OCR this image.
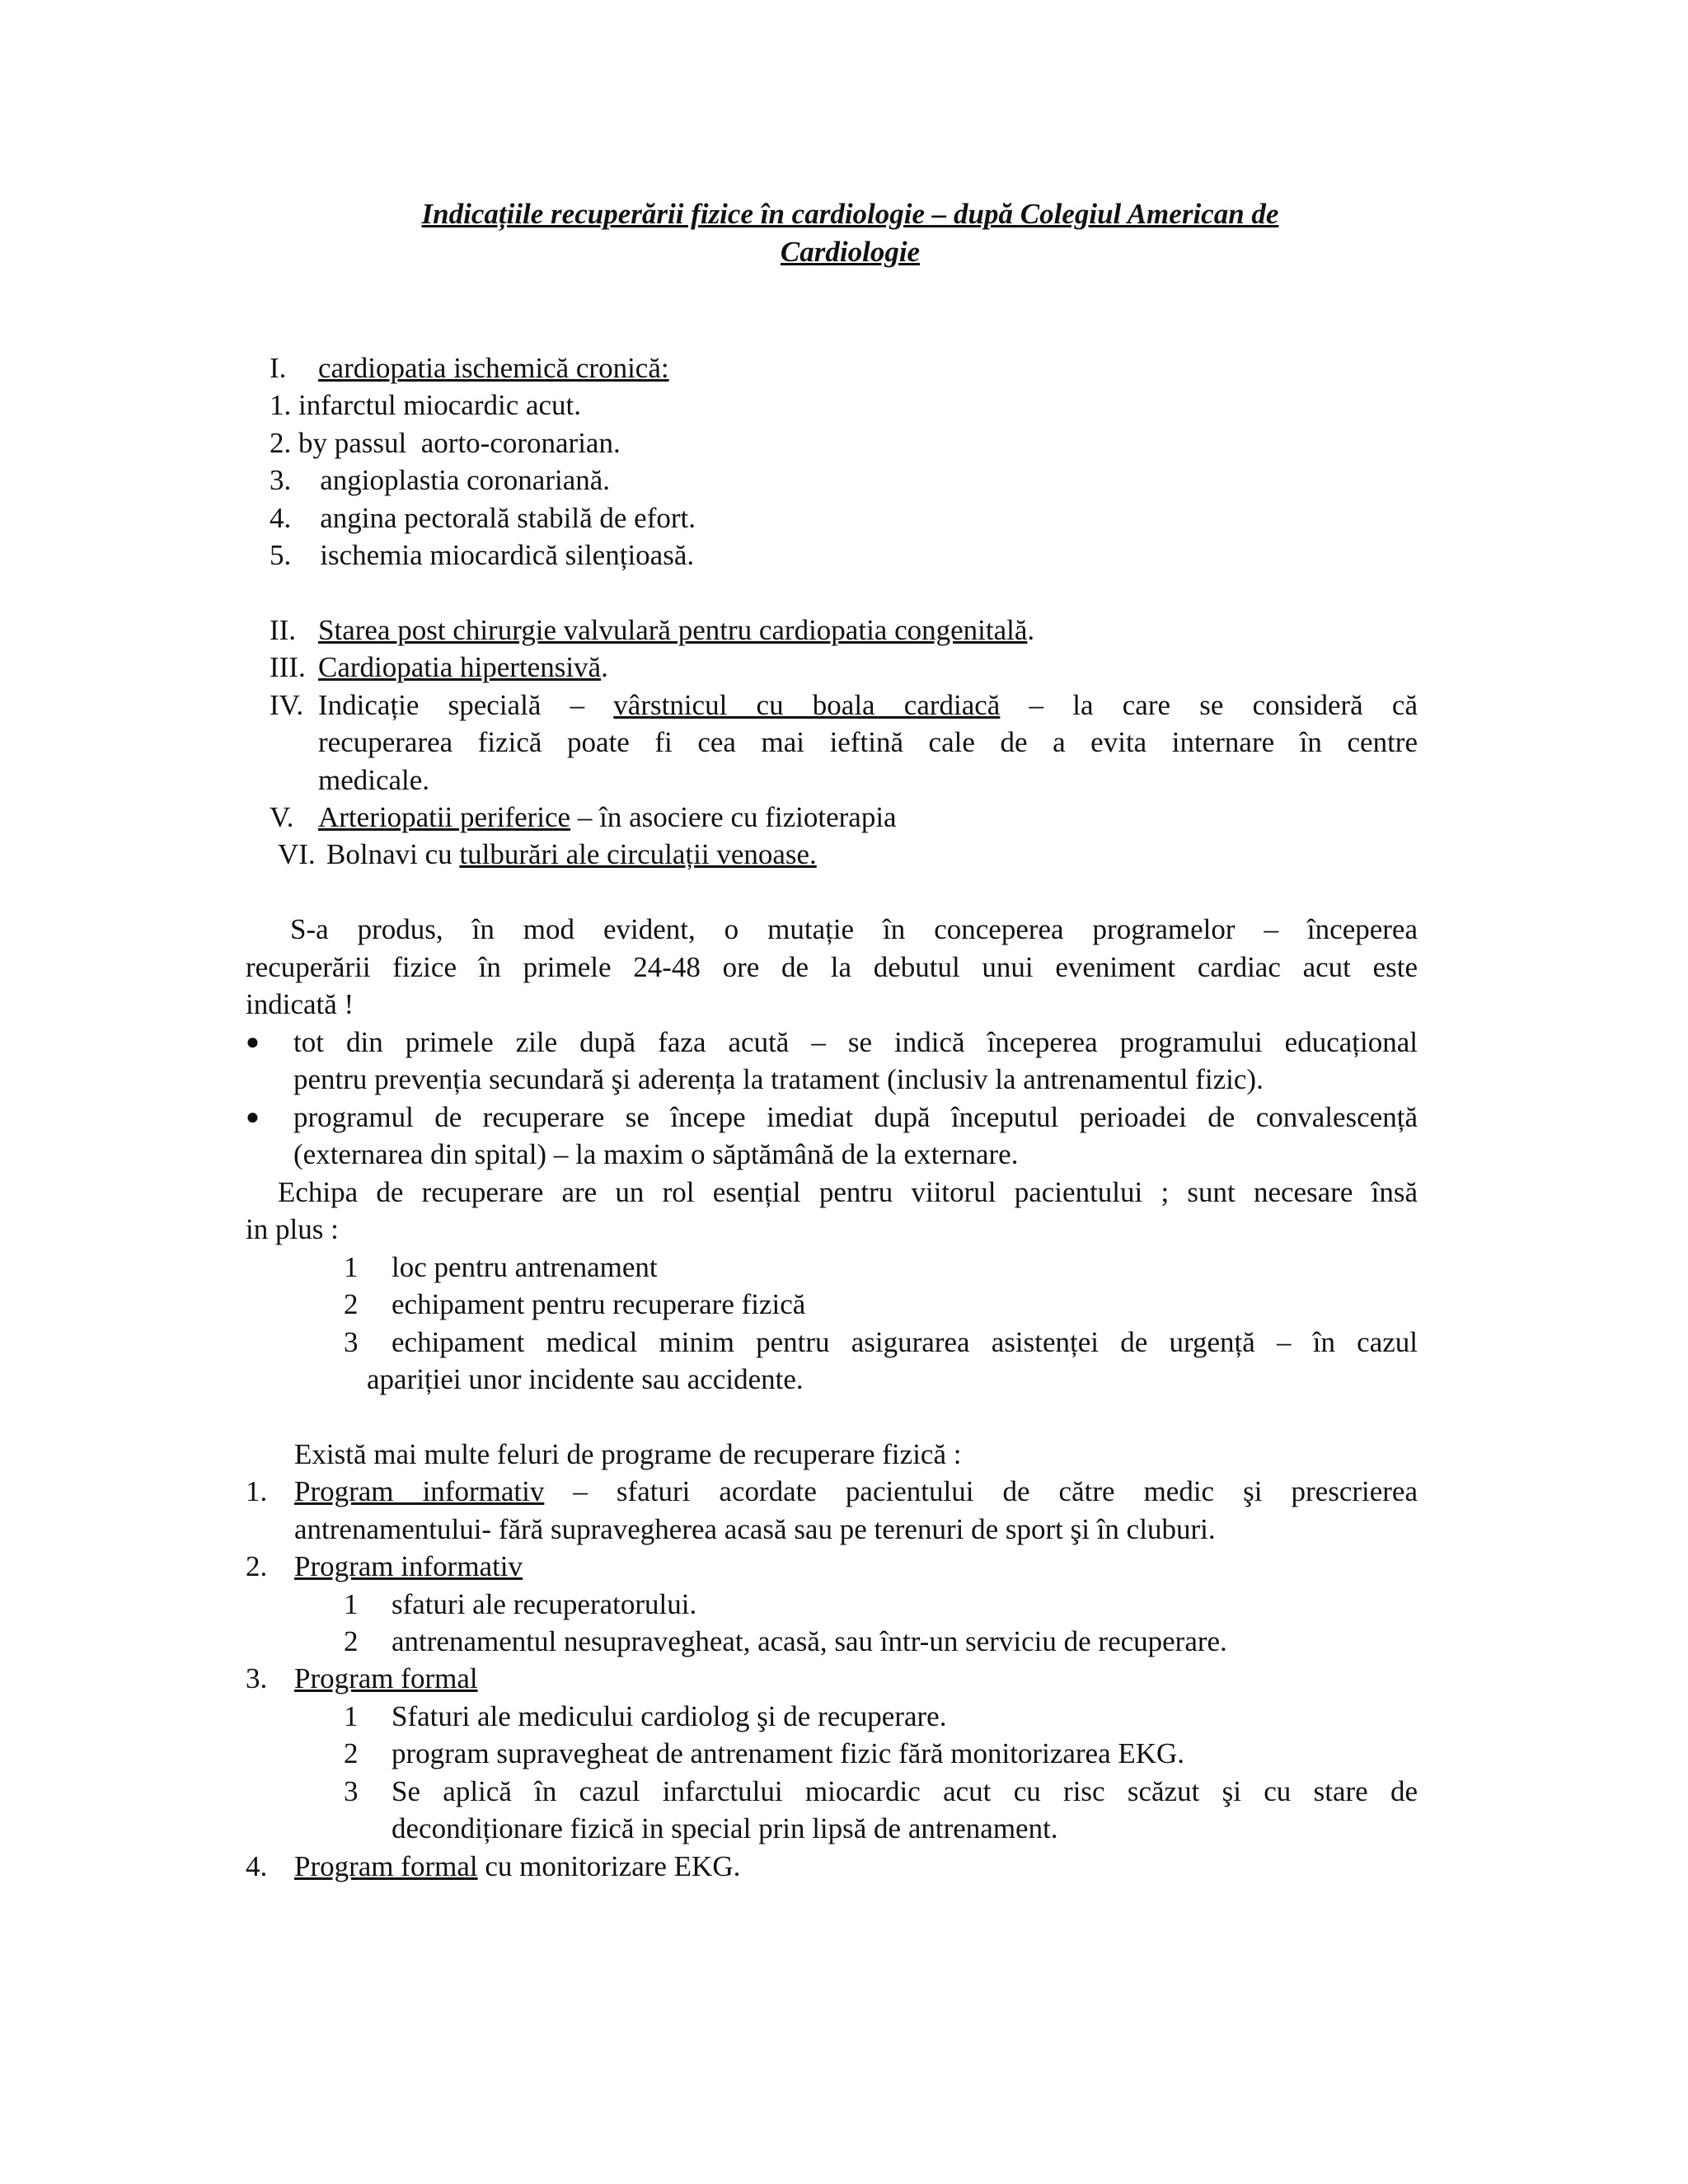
Indicațiile recuperării fizice în cardiologie – după Colegiul American de
Cardiologie
I. cardiopatia ischemică cronică:
1. infarctul miocardic acut.
2. by passul  aorto-coronarian.
3.    angioplastia coronariană.
4.    angina pectorală stabilă de efort.
5.    ischemia miocardică silențioasă.
II. Starea post chirurgie valvulară pentru cardiopatia congenitală.
III. Cardiopatia hipertensivă.
IV. Indicație specială – vârstnicul cu boala cardiacă – la care se consideră că
recuperarea fizică poate fi cea mai ieftină cale de a evita internare în centre
medicale.
V. Arteriopatii periferice – în asociere cu fizioterapia
VI. Bolnavi cu tulburări ale circulații venoase.
S-a produs, în mod evident, o mutație în conceperea programelor – începerea
recuperării fizice în primele 24-48 ore de la debutul unui eveniment cardiac acut este
indicată !
● tot din primele zile după faza acută – se indică începerea programului educațional
pentru prevenția secundară şi aderența la tratament (inclusiv la antrenamentul fizic).
● programul de recuperare se începe imediat după începutul perioadei de convalescență
(externarea din spital) – la maxim o săptămână de la externare.
Echipa de recuperare are un rol esențial pentru viitorul pacientului ; sunt necesare însă
in plus :
1 loc pentru antrenament
2 echipament pentru recuperare fizică
3 echipament medical minim pentru asigurarea asistenței de urgență – în cazul
apariției unor incidente sau accidente.
Există mai multe feluri de programe de recuperare fizică :
1. Program informativ – sfaturi acordate pacientului de către medic şi prescrierea
antrenamentului- fără supravegherea acasă sau pe terenuri de sport şi în cluburi.
2. Program informativ
1 sfaturi ale recuperatorului.
2 antrenamentul nesupravegheat, acasă, sau într-un serviciu de recuperare.
3. Program formal
1 Sfaturi ale medicului cardiolog şi de recuperare.
2 program supravegheat de antrenament fizic fără monitorizarea EKG.
3 Se aplică în cazul infarctului miocardic acut cu risc scăzut şi cu stare de
decondiționare fizică in special prin lipsă de antrenament.
4. Program formal cu monitorizare EKG.
